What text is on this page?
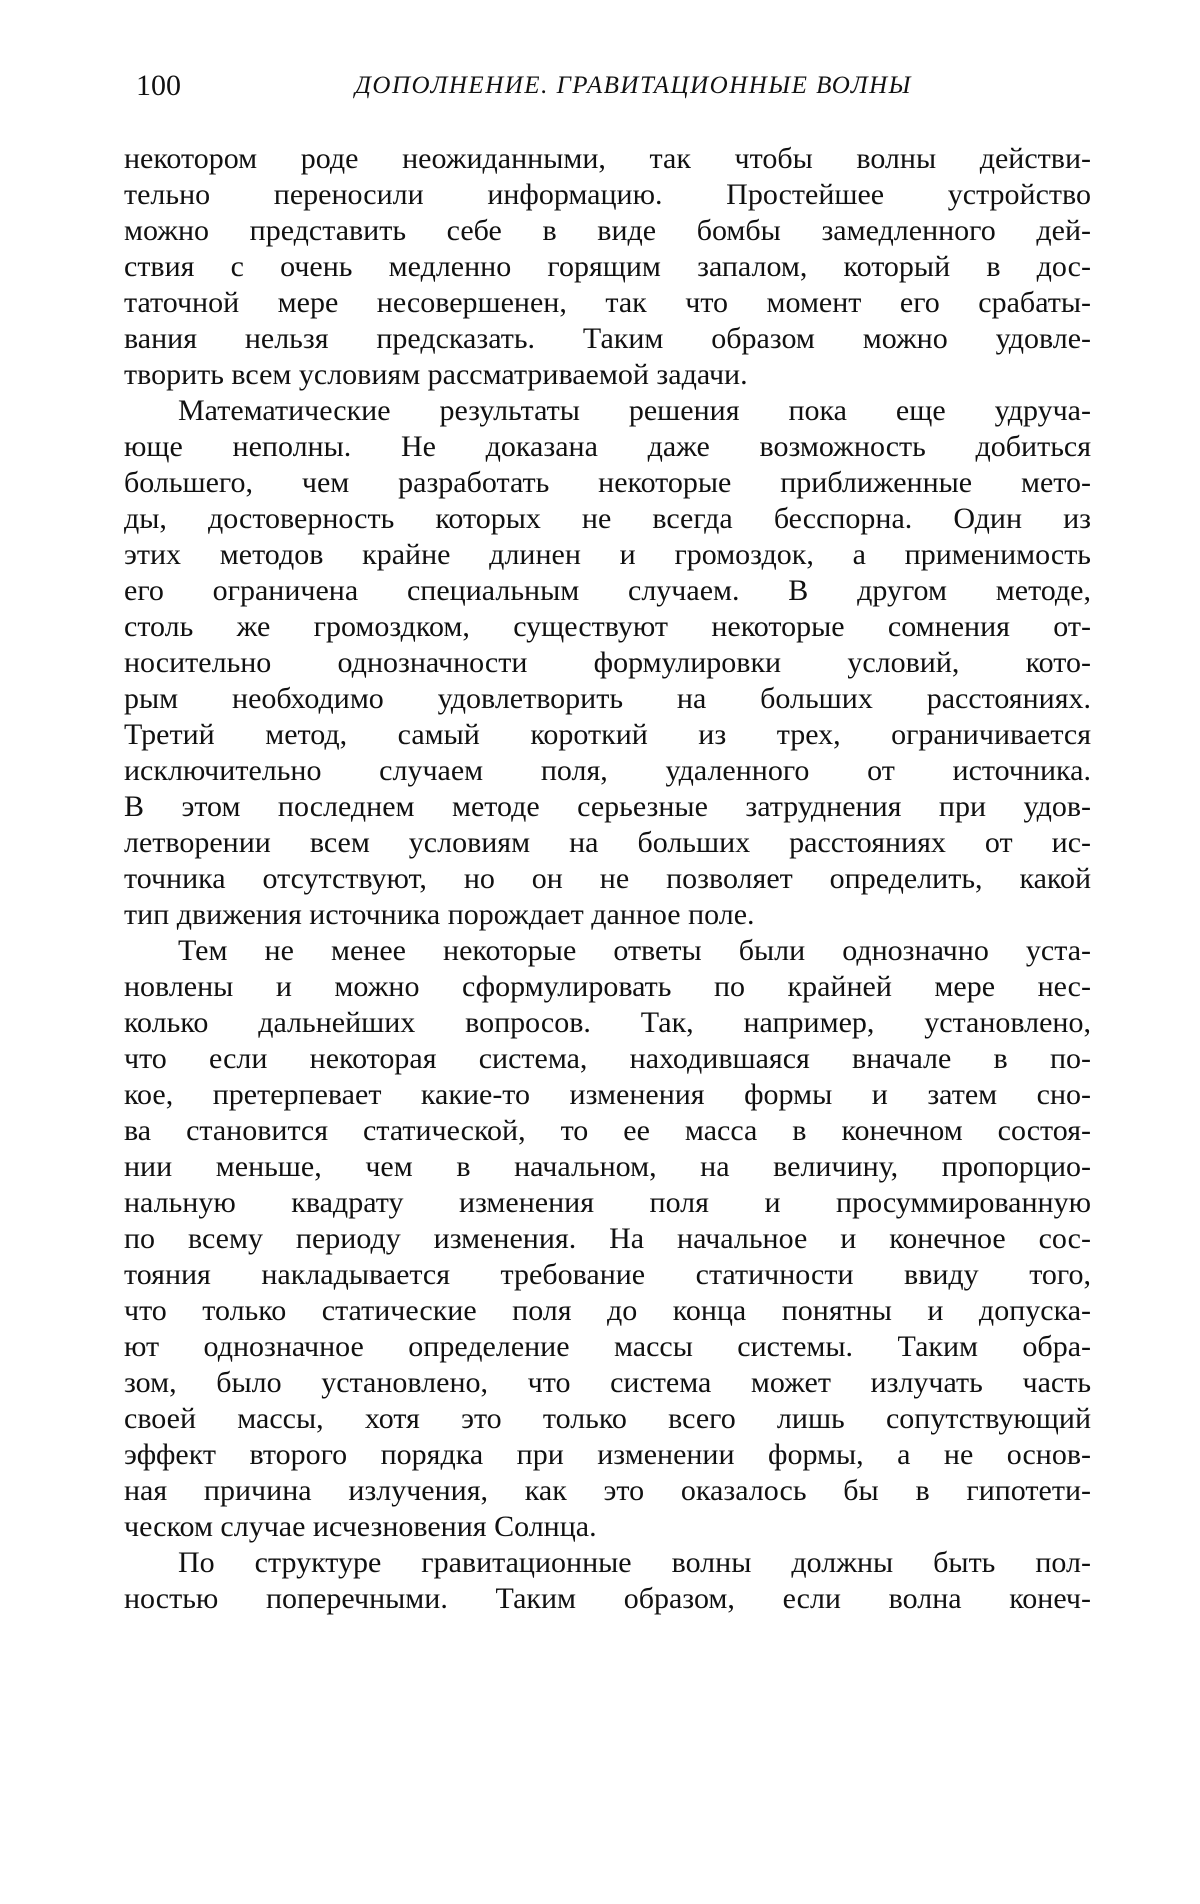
100	ДОПОЛНЕНИЕ. ГРАВИТАЦИОННЫЕ ВОЛНЫ
некотором роде неожиданными, так чтобы волны действи-
тельно переносили информацию. Простейшее устройство
можно представить себе в виде бомбы замедленного дей-
ствия с очень медленно горящим запалом, который в дос-
таточной мере несовершенен, так что момент его срабаты-
вания нельзя предсказать. Таким образом можно удовле-
творить всем условиям рассматриваемой задачи.
Математические результаты решения пока еще удруча-
юще неполны. Не доказана даже возможность добиться
большего, чем разработать некоторые приближенные мето-
ды, достоверность которых не всегда бесспорна. Один из
этих методов крайне длинен и громоздок, а применимость
его ограничена специальным случаем. В другом методе,
столь же громоздком, существуют некоторые сомнения от-
носительно однозначности формулировки условий, кото-
рым необходимо удовлетворить на больших расстояниях.
Третий метод, самый короткий из трех, ограничивается
исключительно случаем поля, удаленного от источника.
В этом последнем методе серьезные затруднения при удов-
летворении всем условиям на больших расстояниях от ис-
точника отсутствуют, но он не позволяет определить, какой
тип движения источника порождает данное поле.
Тем не менее некоторые ответы были однозначно уста-
новлены и можно сформулировать по крайней мере нес-
колько дальнейших вопросов. Так, например, установлено,
что если некоторая система, находившаяся вначале в по-
кое, претерпевает какие-то изменения формы и затем сно-
ва становится статической, то ее масса в конечном состоя-
нии меньше, чем в начальном, на величину, пропорцио-
нальную квадрату изменения поля и просуммированную
по всему периоду изменения. На начальное и конечное сос-
тояния накладывается требование статичности ввиду того,
что только статические поля до конца понятны и допуска-
ют однозначное определение массы системы. Таким обра-
зом, было установлено, что система может излучать часть
своей массы, хотя это только всего лишь сопутствующий
эффект второго порядка при изменении формы, а не основ-
ная причина излучения, как это оказалось бы в гипотети-
ческом случае исчезновения Солнца.
По структуре гравитационные волны должны быть пол-
ностью поперечными. Таким образом, если волна конеч-
